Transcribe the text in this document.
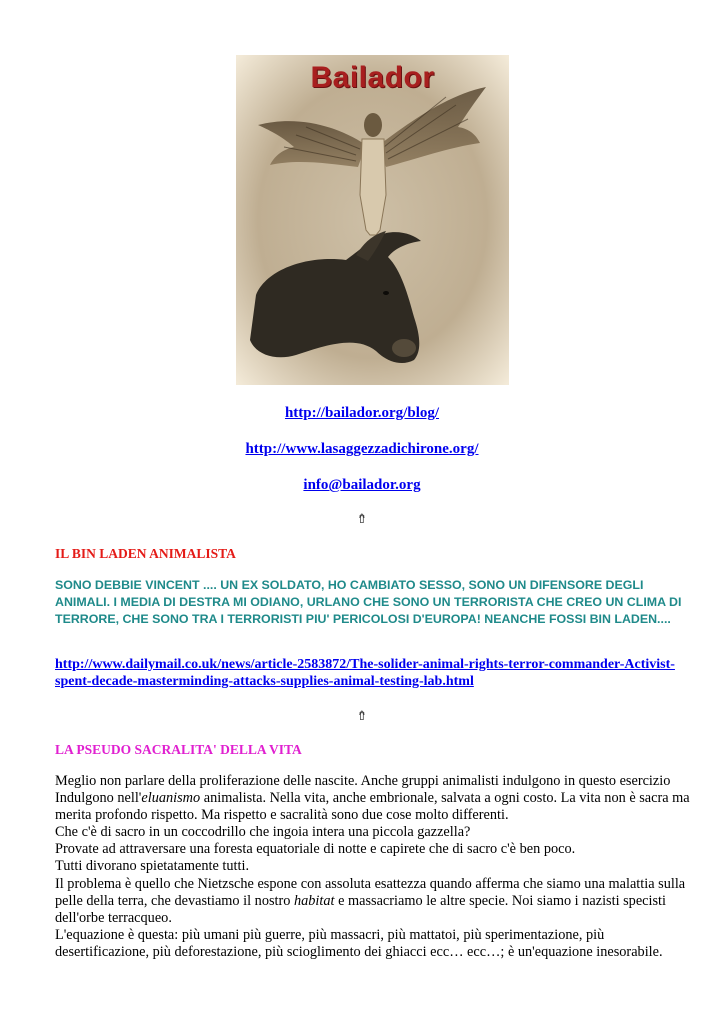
Bailador
http://bailador.org/blog/
http://www.lasaggezzadichirone.org/
info@bailador.org
⇮
IL BIN LADEN ANIMALISTA
SONO DEBBIE VINCENT .... UN EX SOLDATO, HO CAMBIATO SESSO, SONO UN DIFENSORE DEGLI ANIMALI. I MEDIA DI DESTRA MI ODIANO, URLANO CHE SONO UN TERRORISTA CHE CREO UN CLIMA DI TERRORE, CHE SONO TRA I TERRORISTI PIU' PERICOLOSI D'EUROPA! NEANCHE FOSSI BIN LADEN....
http://www.dailymail.co.uk/news/article-2583872/The-solider-animal-rights-terror-commander-Activist-spent-decade-masterminding-attacks-supplies-animal-testing-lab.html
⇮
LA PSEUDO SACRALITA' DELLA VITA

Meglio non parlare della proliferazione delle nascite. Anche gruppi animalisti indulgono in questo esercizio Indulgono nell'eluanismo animalista. Nella vita, anche embrionale, salvata a ogni costo. La vita non è sacra ma merita profondo rispetto. Ma rispetto e sacralità sono due cose molto differenti.

Che c'è di sacro in un coccodrillo che ingoia intera una piccola gazzella?

Provate ad attraversare una foresta equatoriale di notte e capirete che di sacro c'è ben poco.

Tutti divorano spietatamente tutti.

Il problema è quello che Nietzsche espone con assoluta esattezza quando afferma che siamo una malattia sulla pelle della terra, che devastiamo il nostro habitat e massacriamo le altre specie. Noi siamo i nazisti specisti dell'orbe terracqueo.

L'equazione è questa: più umani più guerre, più massacri, più mattatoi, più sperimentazione, più desertificazione, più deforestazione, più scioglimento dei ghiacci ecc… ecc…; è un'equazione inesorabile.
